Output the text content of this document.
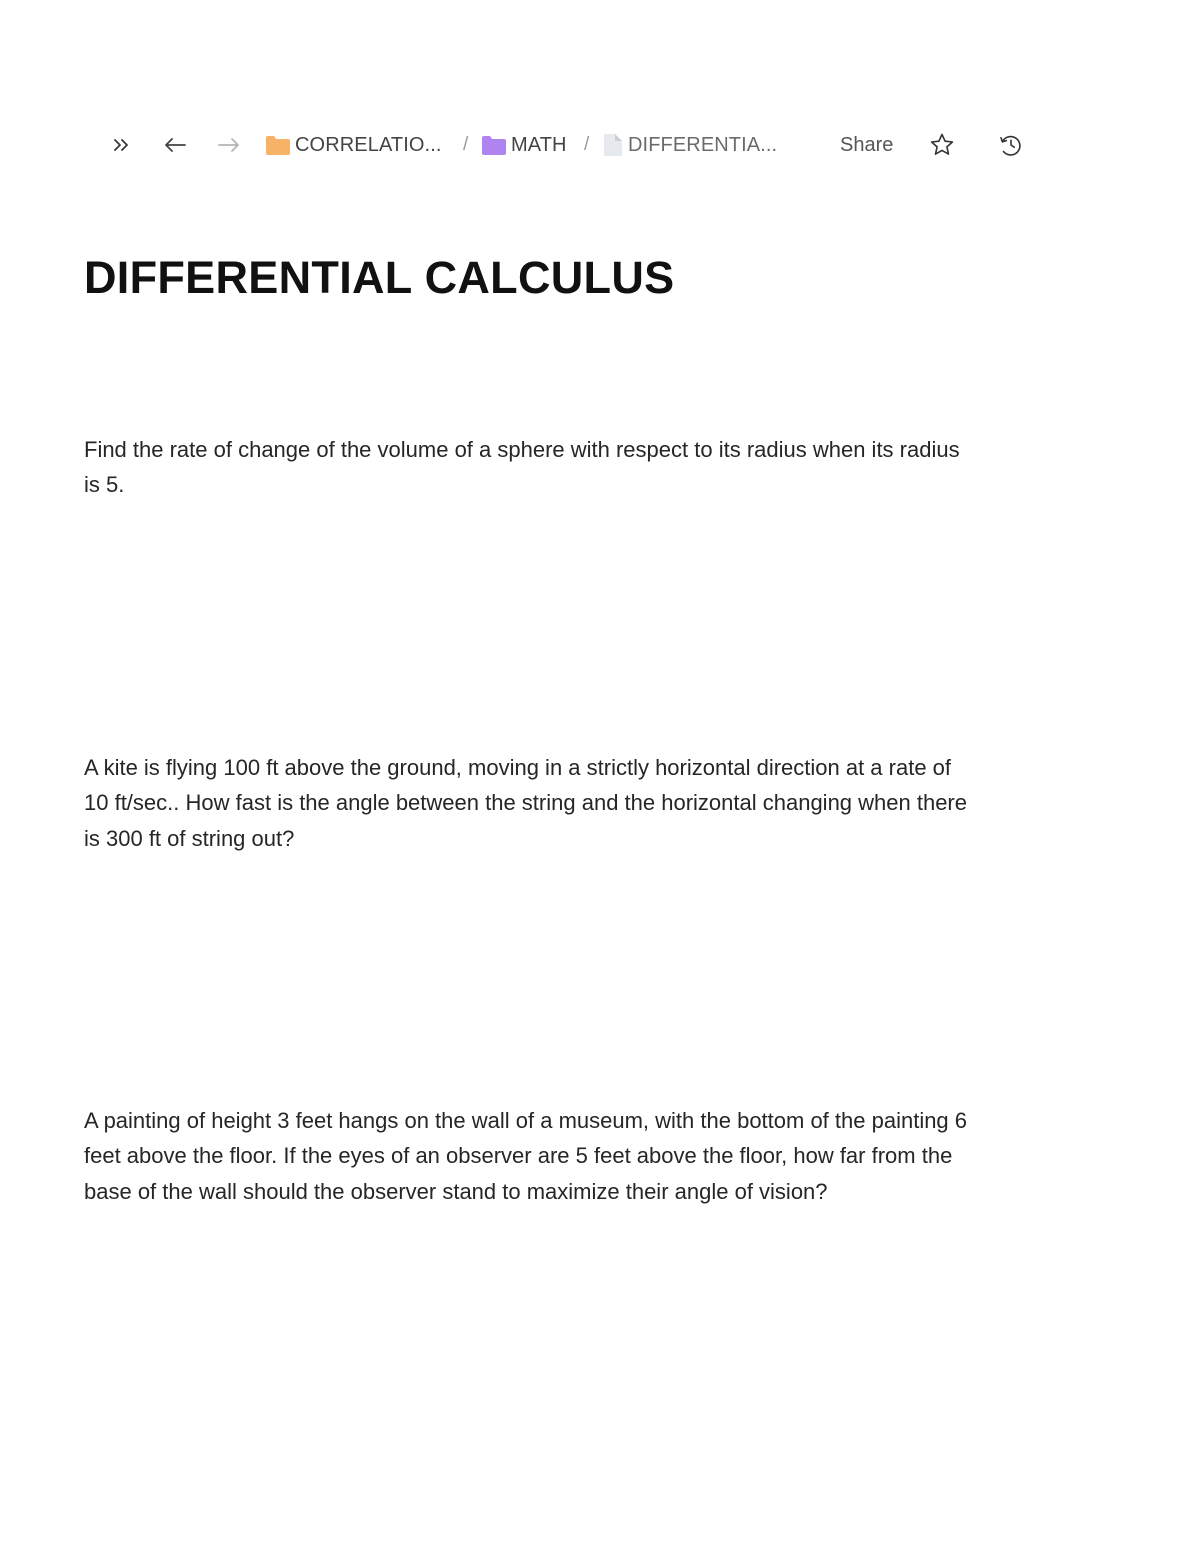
CORRELATIO... / MATH / DIFFERENTIA...	Share
DIFFERENTIAL CALCULUS

Find the rate of change of the volume of a sphere with respect to its radius when its radius is 5.

A kite is flying 100 ft above the ground, moving in a strictly horizontal direction at a rate of 10 ft/sec.. How fast is the angle between the string and the horizontal changing when there is 300 ft of string out?

A painting of height 3 feet hangs on the wall of a museum, with the bottom of the painting 6 feet above the floor. If the eyes of an observer are 5 feet above the floor, how far from the base of the wall should the observer stand to maximize their angle of vision?
